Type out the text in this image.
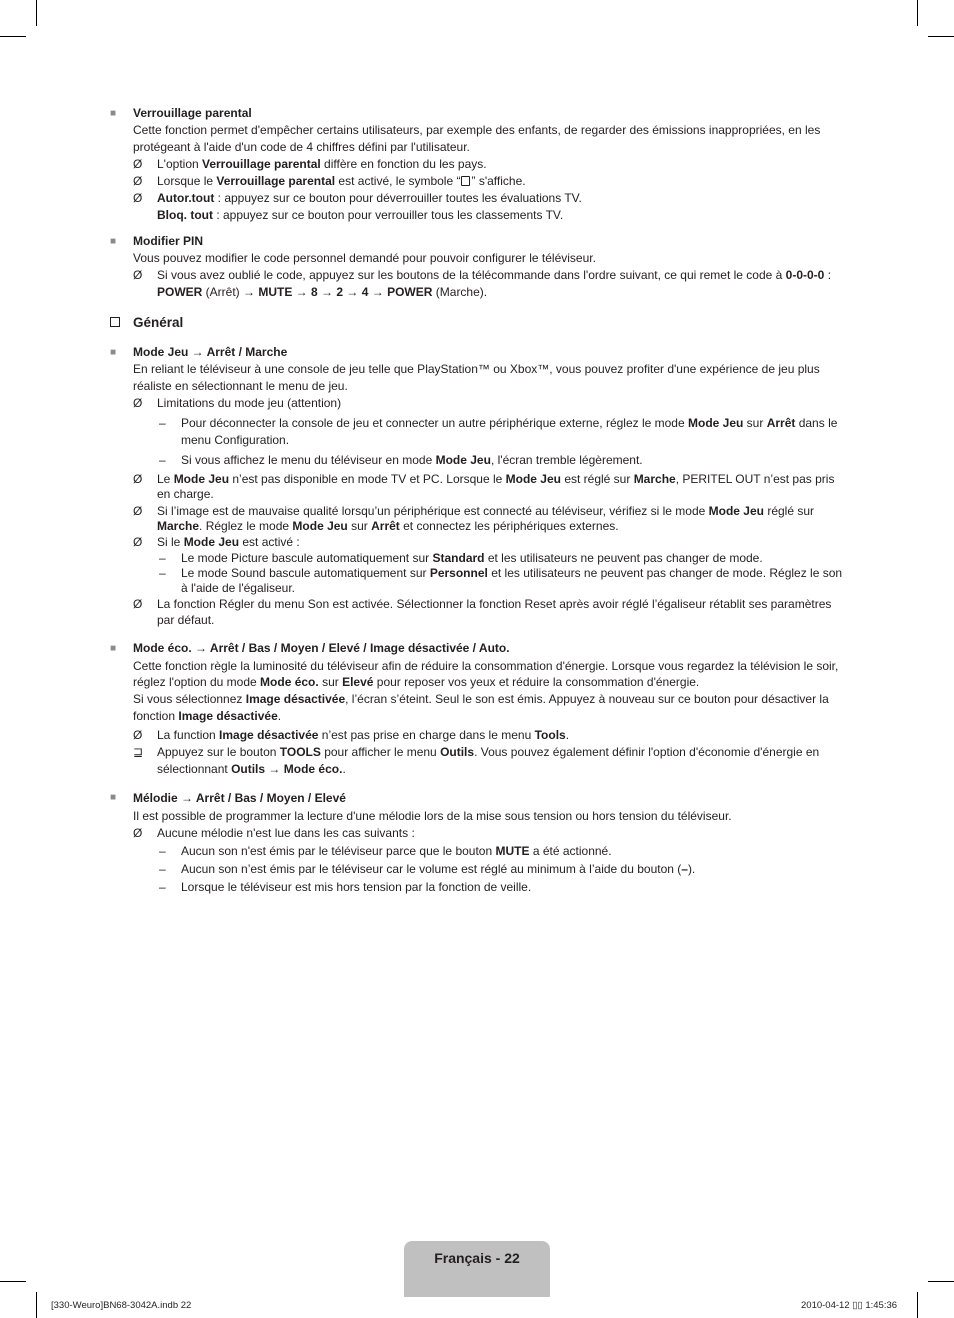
■	Verrouillage parental
Cette fonction permet d'empêcher certains utilisateurs, par exemple des enfants, de regarder des émissions inappropriées, en les protégeant à l'aide d'un code de 4 chiffres défini par l'utilisateur.
Ø	L'option Verrouillage parental diffère en fonction du les pays.
Ø	Lorsque le Verrouillage parental est activé, le symbole “ ” s'affiche.
Ø	Autor.tout : appuyez sur ce bouton pour déverrouiller toutes les évaluations TV.
Bloq. tout : appuyez sur ce bouton pour verrouiller tous les classements TV.
■	Modifier PIN
Vous pouvez modifier le code personnel demandé pour pouvoir configurer le téléviseur.
Ø	Si vous avez oublié le code, appuyez sur les boutons de la télécommande dans l'ordre suivant, ce qui remet le code à 0-0-0-0 : POWER (Arrêt) → MUTE → 8 → 2 → 4 → POWER (Marche).
Général
■	Mode Jeu → Arrêt / Marche
En reliant le téléviseur à une console de jeu telle que PlayStation™ ou Xbox™, vous pouvez profiter d'une expérience de jeu plus réaliste en sélectionnant le menu de jeu.
Ø	Limitations du mode jeu (attention)
– Pour déconnecter la console de jeu et connecter un autre périphérique externe, réglez le mode Mode Jeu sur Arrêt dans le menu Configuration.
– Si vous affichez le menu du téléviseur en mode Mode Jeu, l'écran tremble légèrement.
Ø	Le Mode Jeu n’est pas disponible en mode TV et PC. Lorsque le Mode Jeu est réglé sur Marche, PERITEL OUT n’est pas pris en charge.
Ø	Si l’image est de mauvaise qualité lorsqu’un périphérique est connecté au téléviseur, vérifiez si le mode Mode Jeu réglé sur Marche. Réglez le mode Mode Jeu sur Arrêt et connectez les périphériques externes.
Ø	Si le Mode Jeu est activé :
– Le mode Picture bascule automatiquement sur Standard et les utilisateurs ne peuvent pas changer de mode.
– Le mode Sound bascule automatiquement sur Personnel et les utilisateurs ne peuvent pas changer de mode. Réglez le son à l'aide de l'égaliseur.
Ø	La fonction Régler du menu Son est activée. Sélectionner la fonction Reset après avoir réglé l’égaliseur rétablit ses paramètres par défaut.
■	Mode éco. → Arrêt / Bas / Moyen / Elevé / Image désactivée / Auto.
Cette fonction règle la luminosité du téléviseur afin de réduire la consommation d'énergie. Lorsque vous regardez la télévision le soir, réglez l'option du mode Mode éco. sur Elevé pour reposer vos yeux et réduire la consommation d'énergie.
Si vous sélectionnez Image désactivée, l’écran s’éteint. Seul le son est émis. Appuyez à nouveau sur ce bouton pour désactiver la fonction Image désactivée.
Ø	La function Image désactivée n’est pas prise en charge dans le menu Tools.
⊒	Appuyez sur le bouton TOOLS pour afficher le menu Outils. Vous pouvez également définir l'option d'économie d'énergie en sélectionnant Outils → Mode éco..
■	Mélodie → Arrêt / Bas / Moyen / Elevé
Il est possible de programmer la lecture d'une mélodie lors de la mise sous tension ou hors tension du téléviseur.
Ø	Aucune mélodie n'est lue dans les cas suivants :
– Aucun son n'est émis par le téléviseur parce que le bouton MUTE a été actionné.
– Aucun son n’est émis par le téléviseur car le volume est réglé au minimum à l’aide du bouton (–).
– Lorsque le téléviseur est mis hors tension par la fonction de veille.
Français - 22
[330-Weuro]BN68-3042A.indb 22	2010-04-12 ▯▯ 1:45:36
